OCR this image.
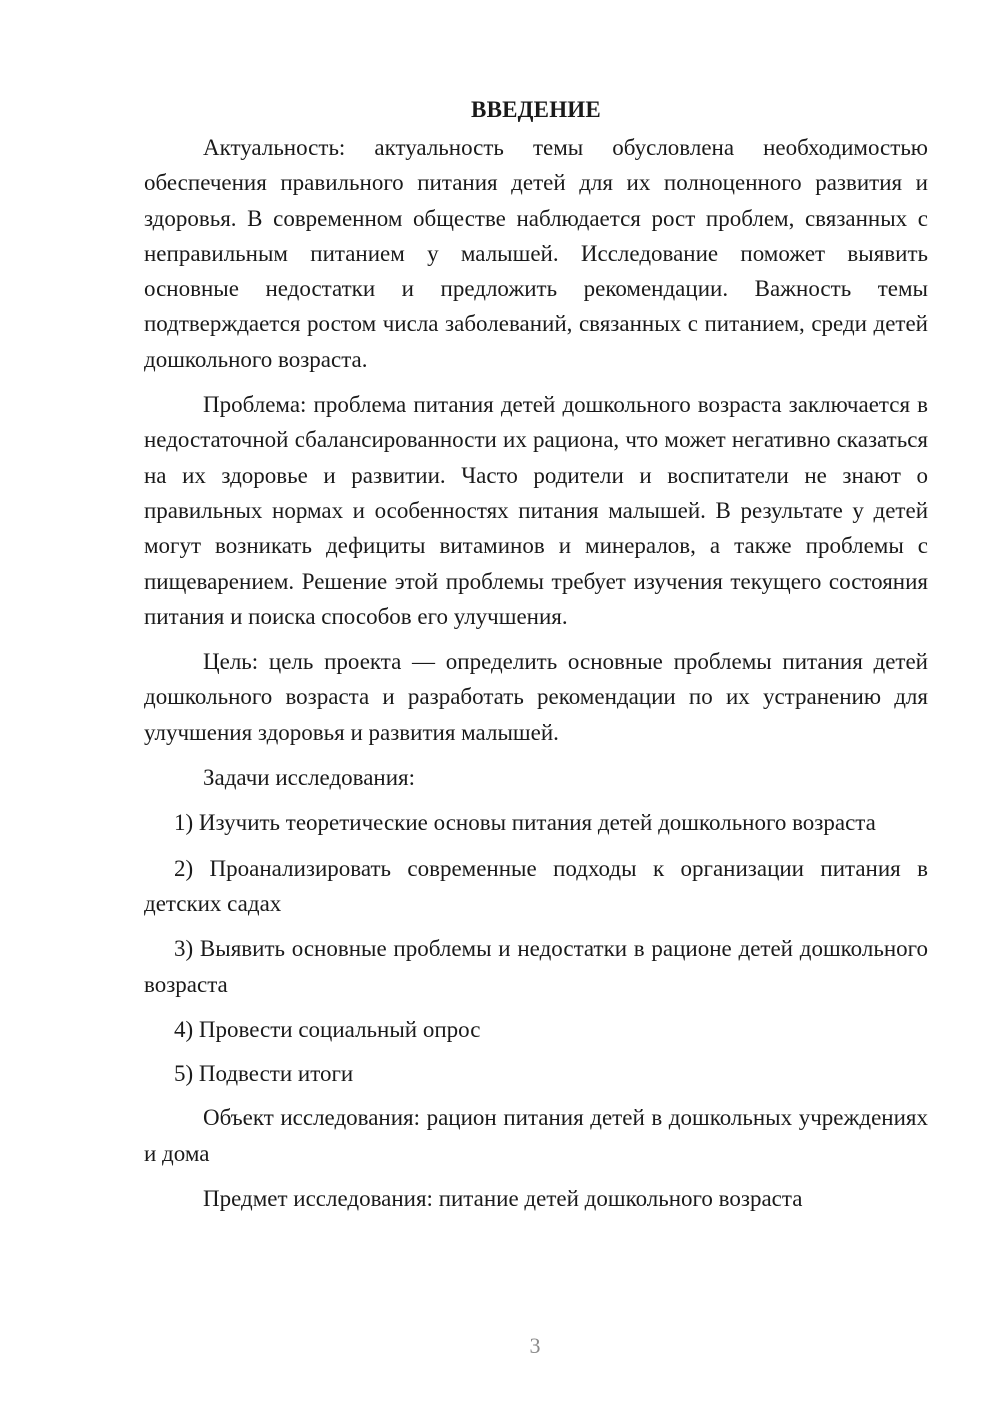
ВВЕДЕНИЕ

Актуальность: актуальность темы обусловлена необходимостью обеспечения правильного питания детей для их полноценного развития и здоровья. В современном обществе наблюдается рост проблем, связанных с неправильным питанием у малышей. Исследование поможет выявить основные недостатки и предложить рекомендации. Важность темы подтверждается ростом числа заболеваний, связанных с питанием, среди детей дошкольного возраста.

Проблема: проблема питания детей дошкольного возраста заключается в недостаточной сбалансированности их рациона, что может негативно сказаться на их здоровье и развитии. Часто родители и воспитатели не знают о правильных нормах и особенностях питания малышей. В результате у детей могут возникать дефициты витаминов и минералов, а также проблемы с пищеварением. Решение этой проблемы требует изучения текущего состояния питания и поиска способов его улучшения.

Цель: цель проекта — определить основные проблемы питания детей дошкольного возраста и разработать рекомендации по их устранению для улучшения здоровья и развития малышей.

Задачи исследования:

1) Изучить теоретические основы питания детей дошкольного возраста

2) Проанализировать современные подходы к организации питания в детских садах

3) Выявить основные проблемы и недостатки в рационе детей дошкольного возраста

4) Провести социальный опрос

5) Подвести итоги

Объект исследования: рацион питания детей в дошкольных учреждениях и дома

Предмет исследования: питание детей дошкольного возраста

3
